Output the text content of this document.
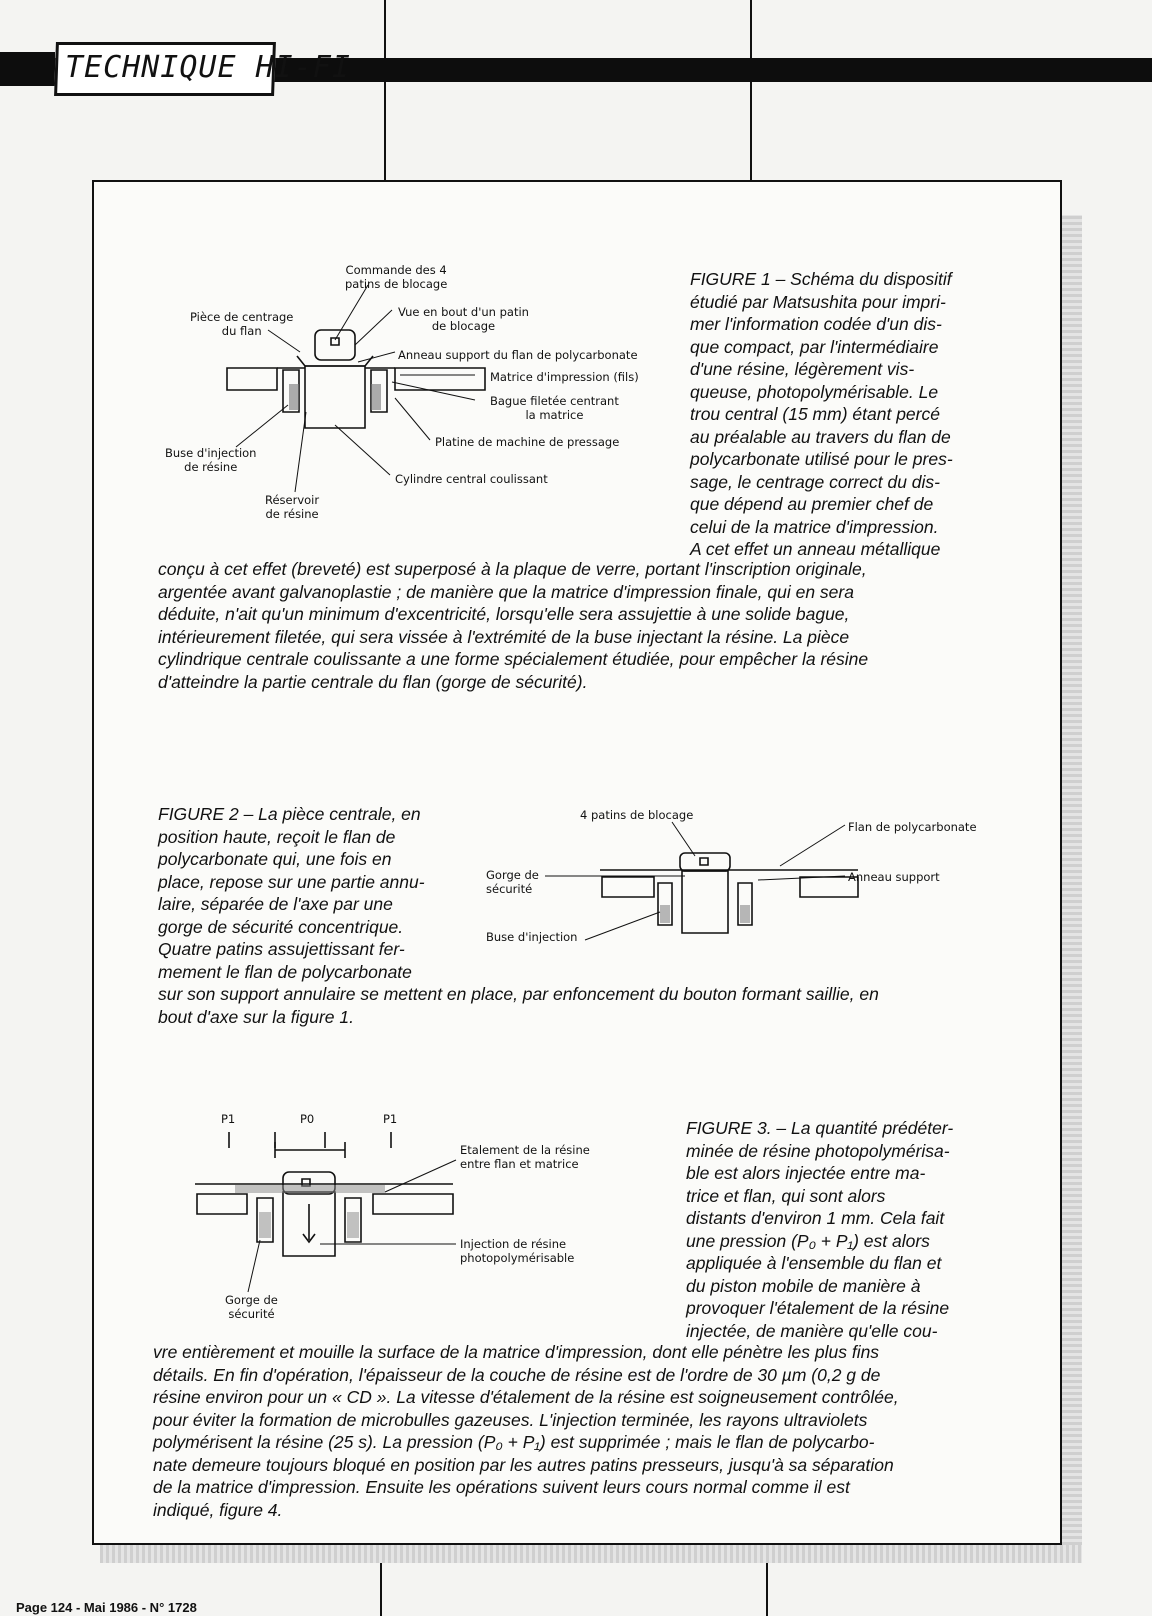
TECHNIQUE HI-FI
Commande des 4
patins de blocage
Pièce de centrage
du flan
Vue en bout d'un patin
de blocage
Anneau support du flan de polycarbonate
Matrice d'impression (fils)
Bague filetée centrant
la matrice
Platine de machine de pressage
Buse d'injection
de résine
Cylindre central coulissant
Réservoir
de résine
FIGURE 1 – Schéma du dispositif
étudié par Matsushita pour impri-
mer l'information codée d'un dis-
que compact, par l'intermédiaire
d'une résine, légèrement vis-
queuse, photopolymérisable. Le
trou central (15 mm) étant percé
au préalable au travers du flan de
polycarbonate utilisé pour le pres-
sage, le centrage correct du dis-
que dépend au premier chef de
celui de la matrice d'impression.
A cet effet un anneau métallique
conçu à cet effet (breveté) est superposé à la plaque de verre, portant l'inscription originale,
argentée avant galvanoplastie ; de manière que la matrice d'impression finale, qui en sera
déduite, n'ait qu'un minimum d'excentricité, lorsqu'elle sera assujettie à une solide bague,
intérieurement filetée, qui sera vissée à l'extrémité de la buse injectant la résine. La pièce
cylindrique centrale coulissante a une forme spécialement étudiée, pour empêcher la résine
d'atteindre la partie centrale du flan (gorge de sécurité).
FIGURE 2 – La pièce centrale, en
position haute, reçoit le flan de
polycarbonate qui, une fois en
place, repose sur une partie annu-
laire, séparée de l'axe par une
gorge de sécurité concentrique.
Quatre patins assujettissant fer-
mement le flan de polycarbonate
sur son support annulaire se mettent en place, par enfoncement du bouton formant saillie, en
bout d'axe sur la figure 1.
4 patins de blocage
Flan de polycarbonate
Gorge de
sécurité
Anneau support
Buse d'injection
P1	P0	P1
Etalement de la résine
entre flan et matrice
Injection de résine
photopolymérisable
Gorge de
sécurité
FIGURE 3. – La quantité prédéter-
minée de résine photopolymérisa-
ble est alors injectée entre ma-
trice et flan, qui sont alors
distants d'environ 1 mm. Cela fait
une pression (P₀ + P₁) est alors
appliquée à l'ensemble du flan et
du piston mobile de manière à
provoquer l'étalement de la résine
injectée, de manière qu'elle cou-
vre entièrement et mouille la surface de la matrice d'impression, dont elle pénètre les plus fins
détails. En fin d'opération, l'épaisseur de la couche de résine est de l'ordre de 30 µm (0,2 g de
résine environ pour un « CD ». La vitesse d'étalement de la résine est soigneusement contrôlée,
pour éviter la formation de microbulles gazeuses. L'injection terminée, les rayons ultraviolets
polymérisent la résine (25 s). La pression (P₀ + P₁) est supprimée ; mais le flan de polycarbo-
nate demeure toujours bloqué en position par les autres patins presseurs, jusqu'à sa séparation
de la matrice d'impression. Ensuite les opérations suivent leurs cours normal comme il est
indiqué, figure 4.
Page 124 - Mai 1986 - N° 1728
